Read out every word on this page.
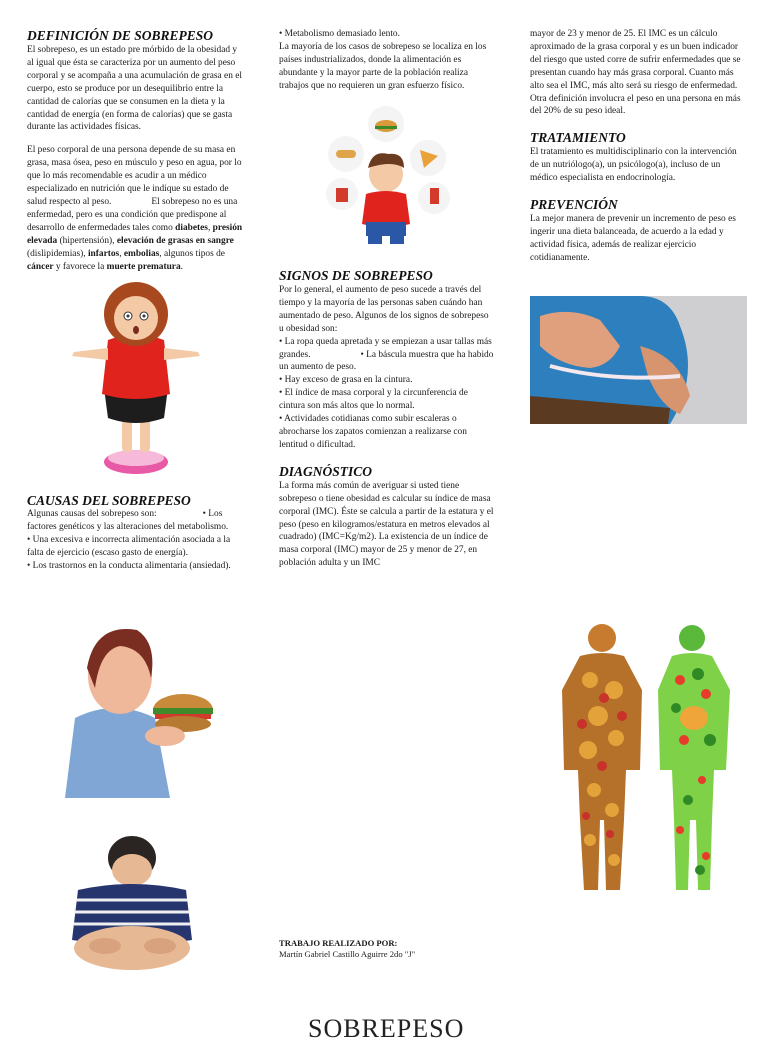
DEFINICIÓN DE SOBREPESO

El sobrepeso, es un estado pre mórbido de la obesidad y al igual que ésta se caracteriza por un aumento del peso corporal y se acompaña a una acumulación de grasa en el cuerpo, esto se produce por un desequilibrio entre la cantidad de calorías que se consumen en la dieta y la cantidad de energía (en forma de calorías) que se gasta durante las actividades físicas.

El peso corporal de una persona depende de su masa en grasa, masa ósea, peso en músculo y peso en agua, por lo que lo más recomendable es acudir a un médico especializado en nutrición que le indique su estado de salud respecto al peso.	El sobrepeso no es una enfermedad, pero es una condición que predispone al desarrollo de enfermedades tales como diabetes, presión elevada (hipertensión), elevación de grasas en sangre (dislipidemias), infartos, embolias, algunos tipos de cáncer y favorece la muerte prematura.

CAUSAS DEL SOBREPESO

Algunas causas del sobrepeso son:	• Los factores genéticos y las alteraciones del metabolismo.

• Una excesiva e incorrecta alimentación asociada a la falta de ejercicio (escaso gasto de energía).

• Los trastornos en la conducta alimentaria (ansiedad).

• Metabolismo demasiado lento.

La mayoría de los casos de sobrepeso se localiza en los países industrializados, donde la alimentación es abundante y la mayor parte de la población realiza trabajos que no requieren un gran esfuerzo físico.

SIGNOS DE SOBREPESO

Por lo general, el aumento de peso sucede a través del tiempo y la mayoría de las personas saben cuándo han aumentado de peso. Algunos de los signos de sobrepeso u obesidad son:

• La ropa queda apretada y se empiezan a usar tallas más grandes.	• La báscula muestra que ha habido un aumento de peso.

• Hay exceso de grasa en la cintura.

• El índice de masa corporal y la circunferencia de cintura son más altos que lo normal.

• Actividades cotidianas como subir escaleras o abrocharse los zapatos comienzan a realizarse con lentitud o dificultad.

DIAGNÓSTICO

La forma más común de averiguar si usted tiene sobrepeso o tiene obesidad es calcular su índice de masa corporal (IMC). Éste se calcula a partir de la estatura y el peso (peso en kilogramos/estatura en metros elevados al cuadrado) (IMC=Kg/m2). La existencia de un índice de masa corporal (IMC) mayor de 25 y menor de 27, en población adulta y un IMC

TRABAJO REALIZADO POR:

Martín Gabriel Castillo Aguirre 2do "J"

mayor de 23 y menor de 25. El IMC es un cálculo aproximado de la grasa corporal y es un buen indicador del riesgo que usted corre de sufrir enfermedades que se presentan cuando hay más grasa corporal. Cuanto más alto sea el IMC, más alto será su riesgo de enfermedad. Otra definición involucra el peso en una persona en más del 20% de su peso ideal.

TRATAMIENTO

El tratamiento es multidisciplinario con la intervención de un nutriólogo(a), un psicólogo(a), incluso de un médico especialista en endocrinología.

PREVENCIÓN

La mejor manera de prevenir un incremento de peso es ingerir una dieta balanceada, de acuerdo a la edad y actividad física, además de realizar ejercicio cotidianamente.

SOBREPESO
